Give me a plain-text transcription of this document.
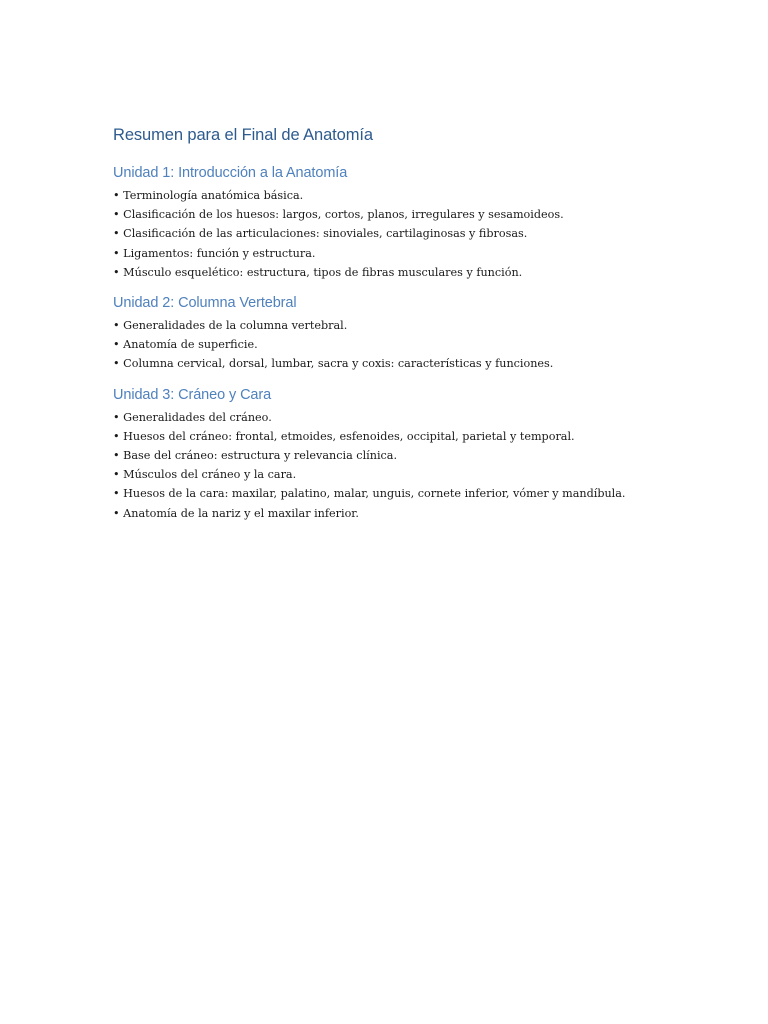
Resumen para el Final de Anatomía
Unidad 1: Introducción a la Anatomía
• Terminología anatómica básica.
• Clasificación de los huesos: largos, cortos, planos, irregulares y sesamoideos.
• Clasificación de las articulaciones: sinoviales, cartilaginosas y fibrosas.
• Ligamentos: función y estructura.
• Músculo esquelético: estructura, tipos de fibras musculares y función.
Unidad 2: Columna Vertebral
• Generalidades de la columna vertebral.
• Anatomía de superficie.
• Columna cervical, dorsal, lumbar, sacra y coxis: características y funciones.
Unidad 3: Cráneo y Cara
• Generalidades del cráneo.
• Huesos del cráneo: frontal, etmoides, esfenoides, occipital, parietal y temporal.
• Base del cráneo: estructura y relevancia clínica.
• Músculos del cráneo y la cara.
• Huesos de la cara: maxilar, palatino, malar, unguis, cornete inferior, vómer y mandíbula.
• Anatomía de la nariz y el maxilar inferior.
